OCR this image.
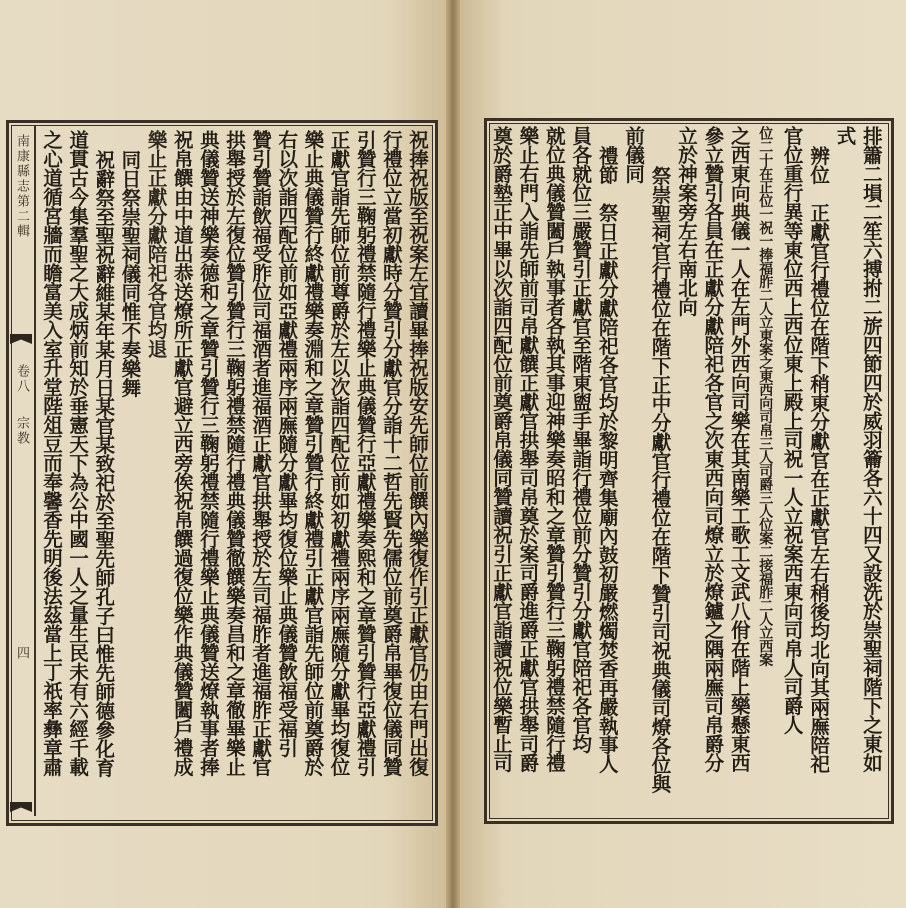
南康縣志第二輯
卷八
宗教
四	祝捧祝版至祝案左宜讀畢捧祝版安先師位前饌內樂復作引正獻官仍由右門出復
行禮位立當初獻時分贊引分獻官分詣十二哲先賢先儒位前奠爵帛畢復位儀同贊
引贊行三鞠躬禮禁隨行禮樂止典儀贊行亞獻禮樂奏熙和之章贊引贊行亞獻禮引
正獻官詣先師位前尊爵於左以次詣四配位前如初獻禮兩序兩廡隨分獻畢均復位
樂止典儀贊行終獻禮樂奏淵和之章贊引贊行終獻禮引正獻官詣先師位前奠爵於
右以次詣四配位前如亞獻禮兩序兩廡隨分獻畢均復位樂止典儀贊飲福受福引
贊引贊詣飲福受胙位司福酒者進福酒正獻官拱舉授於左司福胙者進福胙正獻官
拱舉授於左復位贊引贊行三鞠躬禮禁隨行禮典儀贊徹饌樂奏昌和之章徹畢樂止
典儀贊送神樂奏德和之章贊引贊行三鞠躬禮禁隨行禮樂止典儀贊送燎執事者捧
祝帛饌由中道出恭送燎所正獻官避立西旁俟祝帛饌過復位樂作典儀贊闔戶禮成
樂止正獻分獻陪祀各官均退
同日祭崇聖祠儀同惟不奏樂舞
祝辭祭至聖祝辭維某年某月日某官某致祀於至聖先師孔子曰惟先師德參化育
道貫古今集羣聖之大成炳前知於垂憲天下為公中國一人之量生民未有六經千載
之心道循宮牆而瞻富美入室升堂陛俎豆而奉馨香先明後法茲當上丁祇率彝章肅	排簫二塤二笙六搏拊二旂四節四於威羽籥各六十四又設洗於崇聖祠階下之東如
式
辨位　正獻官行禮位在階下稍東分獻官在正獻官左右稍後均北向其兩廡陪祀
官位重行異等東位西上西位東上殿上司祝一人立祝案西東向司帛人司爵人
位二十在正位一祝一捧福胙二人立東案之東西向司帛三人司爵三人位案二接福胙二人立西案
之西東向典儀一人在左門外西向司樂在其南樂工歌工文武八佾在階上樂懸東西
參立贊引各員在正獻分獻陪祀各官之次東西向司燎立於燎鑪之隅兩廡司帛爵分
立於神案旁左右南北向
祭崇聖祠官行禮位在階下正中分獻官行禮位在階下贊引司祝典儀司燎各位與
前儀同
禮節　祭日正獻分獻陪祀各官均於黎明齊集廟內鼓初嚴燃燭焚香再嚴執事人
員各就位三嚴贊引正獻官至階東盥手畢詣行禮位前分贊引分獻官陪祀各官均
就位典儀贊闔戶執事者各執其事迎神樂奏昭和之章贊引贊行三鞠躬禮禁隨行禮
樂止右門入詣先師前司帛獻饌正獻官拱舉司帛奠於案司爵進爵正獻官拱舉司爵
奠於爵墊正中畢以次詣四配位前奠爵帛儀同贊讀祝引正獻官詣讀祝位樂暫止司
